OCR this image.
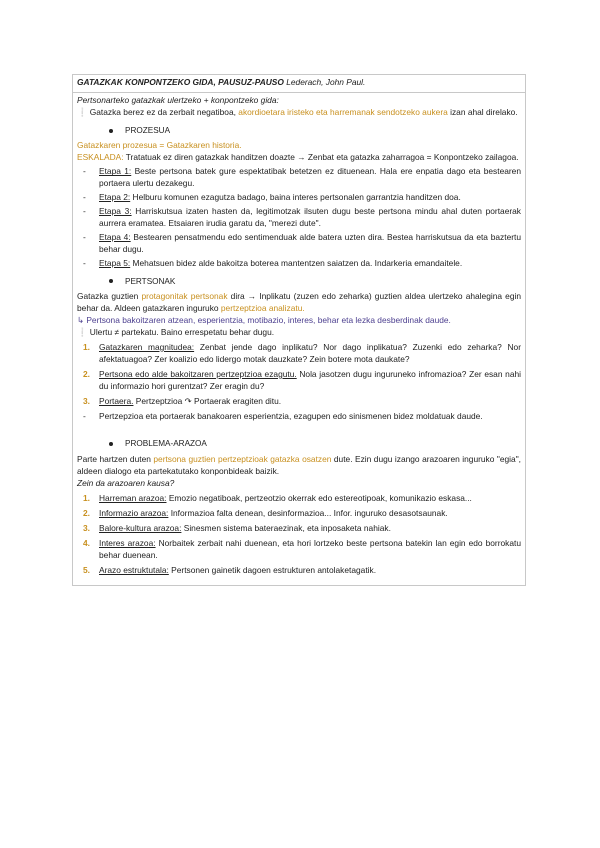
GATAZKAK KONPONTZEKO GIDA, PAUSUZ-PAUSO Lederach, John Paul.

Pertsonarteko gatazkak ulertzeko + konpontzeko gida:

❕ Gatazka berez ez da zerbait negatiboa, akordioetara iristeko eta harremanak sendotzeko aukera izan ahal direlako.

PROZESUA

Gatazkaren prozesua = Gatazkaren historia.

ESKALADA: Tratatuak ez diren gatazkak handitzen doazte → Zenbat eta gatazka zaharragoa = Konpontzeko zailagoa.

- Etapa 1: Beste pertsona batek gure espektatibak betetzen ez dituenean. Hala ere enpatia dago eta bestearen portaera ulertu dezakegu.
- Etapa 2: Helburu komunen ezagutza badago, baina interes pertsonalen garrantzia handitzen doa.
- Etapa 3: Harriskutsua izaten hasten da, legitimotzak ilsuten dugu beste pertsona mindu ahal duten portaerak aurrera eramatea. Etsaiaren irudia garatu da, "merezi dute".
- Etapa 4: Bestearen pensatmendu edo sentimenduak alde batera uzten dira. Bestea harriskutsua da eta baztertu behar dugu.
- Etapa 5: Mehatsuen bidez alde bakoitza boterea mantentzen saiatzen da. Indarkeria emandaitele.
PERTSONAK

Gatazka guztien protagonitak pertsonak dira → Inplikatu (zuzen edo zeharka) guztien aldea ulertzeko ahalegina egin behar da. Aldeen gatazkaren inguruko pertzeptzioa analizatu.

↳ Pertsona bakoitzaren atzean, esperientzia, motibazio, interes, behar eta lezka desberdinak daude.

❕ Ulertu ≠ partekatu. Baino errespetatu behar dugu.

1. Gatazkaren magnitudea: Zenbat jende dago inplikatu? Nor dago inplikatua? Zuzenki edo zeharka? Nor afektatuagoa? Zer koalizio edo lidergo motak dauzkate? Zein botere mota daukate?
2. Pertsona edo alde bakoitzaren pertzeptzioa ezagutu. Nola jasotzen dugu inguruneko infromazioa? Zer esan nahi du informazio hori gurentzat? Zer eragin du?
3. Portaera. Pertzeptzioa ↷ Portaerak eragiten ditu.
- Pertzepzioa eta portaerak banakoaren esperientzia, ezagupen edo sinismenen bidez moldatuak daude.
PROBLEMA-ARAZOA

Parte hartzen duten pertsona guztien pertzeptzioak gatazka osatzen dute. Ezin dugu izango arazoaren inguruko "egia", aldeen dialogo eta partekatutako konponbideak baizik.

Zein da arazoaren kausa?

1. Harreman arazoa: Emozio negatiboak, pertzeotzio okerrak edo estereotipoak, komunikazio eskasa...
2. Informazio arazoa: Informazioa falta denean, desinformazioa... Infor. inguruko desasotsaunak.
3. Balore-kultura arazoa: Sinesmen sistema bateraezinak, eta inposaketa nahiak.
4. Interes arazoa: Norbaitek zerbait nahi duenean, eta hori lortzeko beste pertsona batekin lan egin edo borrokatu behar duenean.
5. Arazo estruktutala: Pertsonen gainetik dagoen estrukturen antolaketagatik.
